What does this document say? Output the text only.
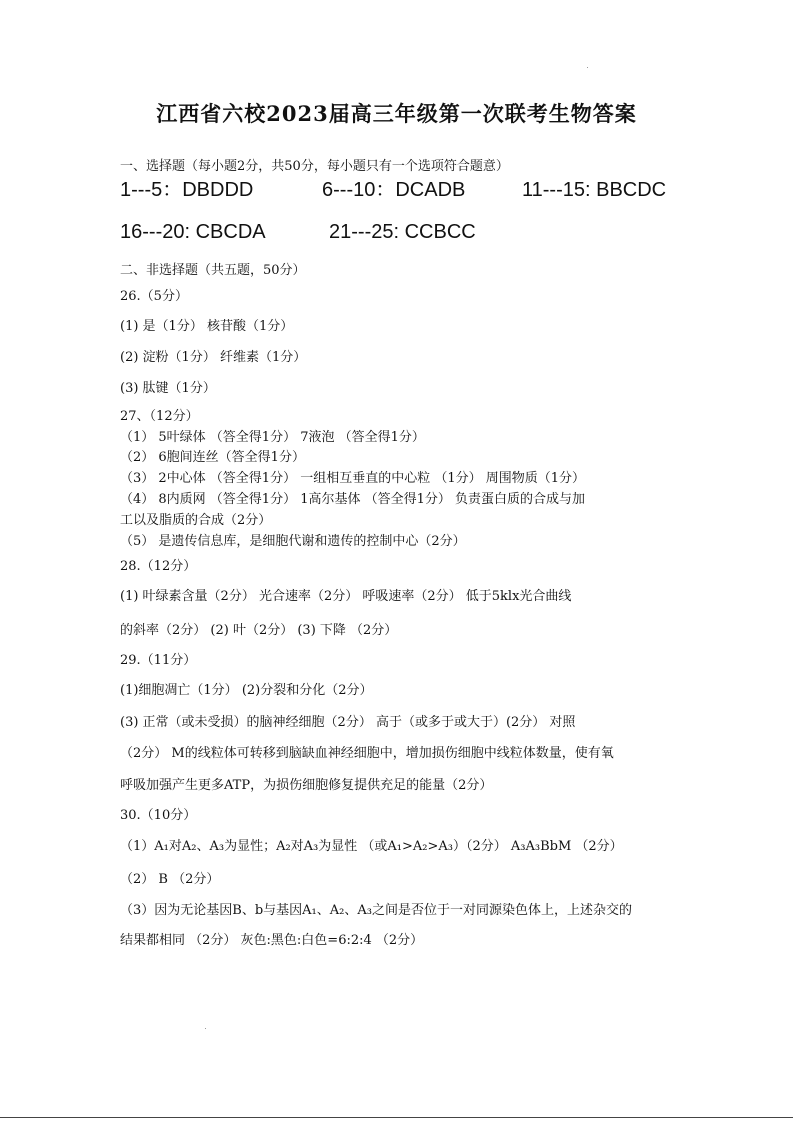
江西省六校2023届高三年级第一次联考生物答案
一、选择题（每小题2分，共50分，每小题只有一个选项符合题意）
1---5：DBDDD	6---10：DCADB	11---15: BBCDC
16---20: CBCDA	21---25: CCBCC
二、非选择题（共五题，50分）
26.（5分）
(1) 是（1分） 核苷酸（1分）
(2) 淀粉（1分） 纤维素（1分）
(3) 肽键（1分）
27、（12分）
（1） 5叶绿体 （答全得1分） 7液泡 （答全得1分）
（2） 6胞间连丝（答全得1分）
（3） 2中心体 （答全得1分） 一组相互垂直的中心粒 （1分） 周围物质（1分）
（4） 8内质网 （答全得1分） 1高尔基体 （答全得1分） 负责蛋白质的合成与加
工以及脂质的合成（2分）
（5） 是遗传信息库，是细胞代谢和遗传的控制中心（2分）
28.（12分）
(1) 叶绿素含量（2分） 光合速率（2分） 呼吸速率（2分） 低于5klx光合曲线
的斜率（2分） (2) 叶（2分） (3) 下降 （2分）
29.（11分）
(1)细胞凋亡（1分） (2)分裂和分化（2分）
(3) 正常（或未受损）的脑神经细胞（2分） 高于（或多于或大于）(2分） 对照
（2分） M的线粒体可转移到脑缺血神经细胞中，增加损伤细胞中线粒体数量，使有氧
呼吸加强产生更多ATP，为损伤细胞修复提供充足的能量（2分）
30.（10分）
（1）A₁对A₂、A₃为显性；A₂对A₃为显性 （或A₁>A₂>A₃）（2分） A₃A₃BbM （2分）
（2） B （2分）
（3）因为无论基因B、b与基因A₁、A₂、A₃之间是否位于一对同源染色体上，上述杂交的
结果都相同 （2分） 灰色:黑色:白色=6:2:4 （2分）
